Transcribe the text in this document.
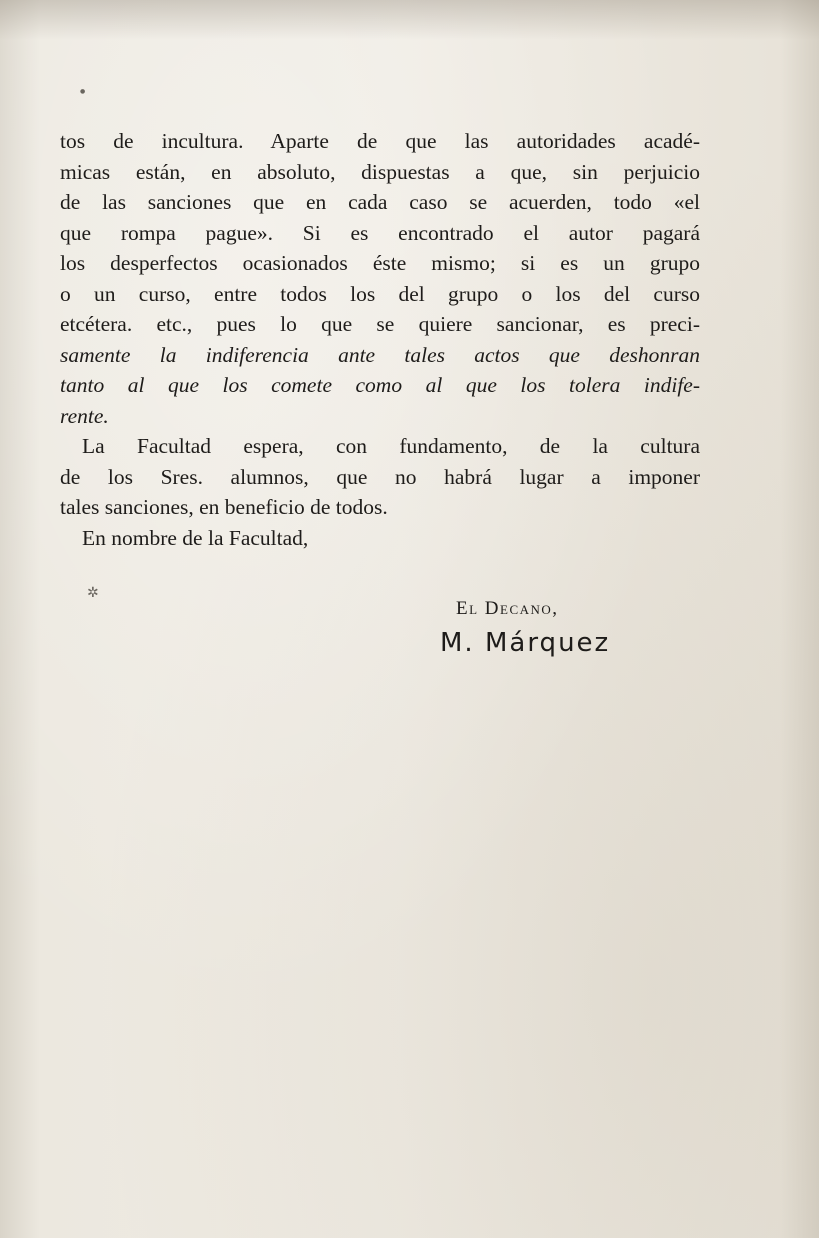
tos de incultura. Aparte de que las autoridades acadé-
micas están, en absoluto, dispuestas a que, sin perjuicio
de las sanciones que en cada caso se acuerden, todo «el
que rompa pague». Si es encontrado el autor pagará
los desperfectos ocasionados éste mismo; si es un grupo
o un curso, entre todos los del grupo o los del curso
etcétera. etc., pues lo que se quiere sancionar, es preci-
samente la indiferencia ante tales actos que deshonran
tanto al que los comete como al que los tolera indife-
rente.
La Facultad espera, con fundamento, de la cultura
de los Sres. alumnos, que no habrá lugar a imponer
tales sanciones, en beneficio de todos.
En nombre de la Facultad,
El Decano,
M. Márquez
✲
●
